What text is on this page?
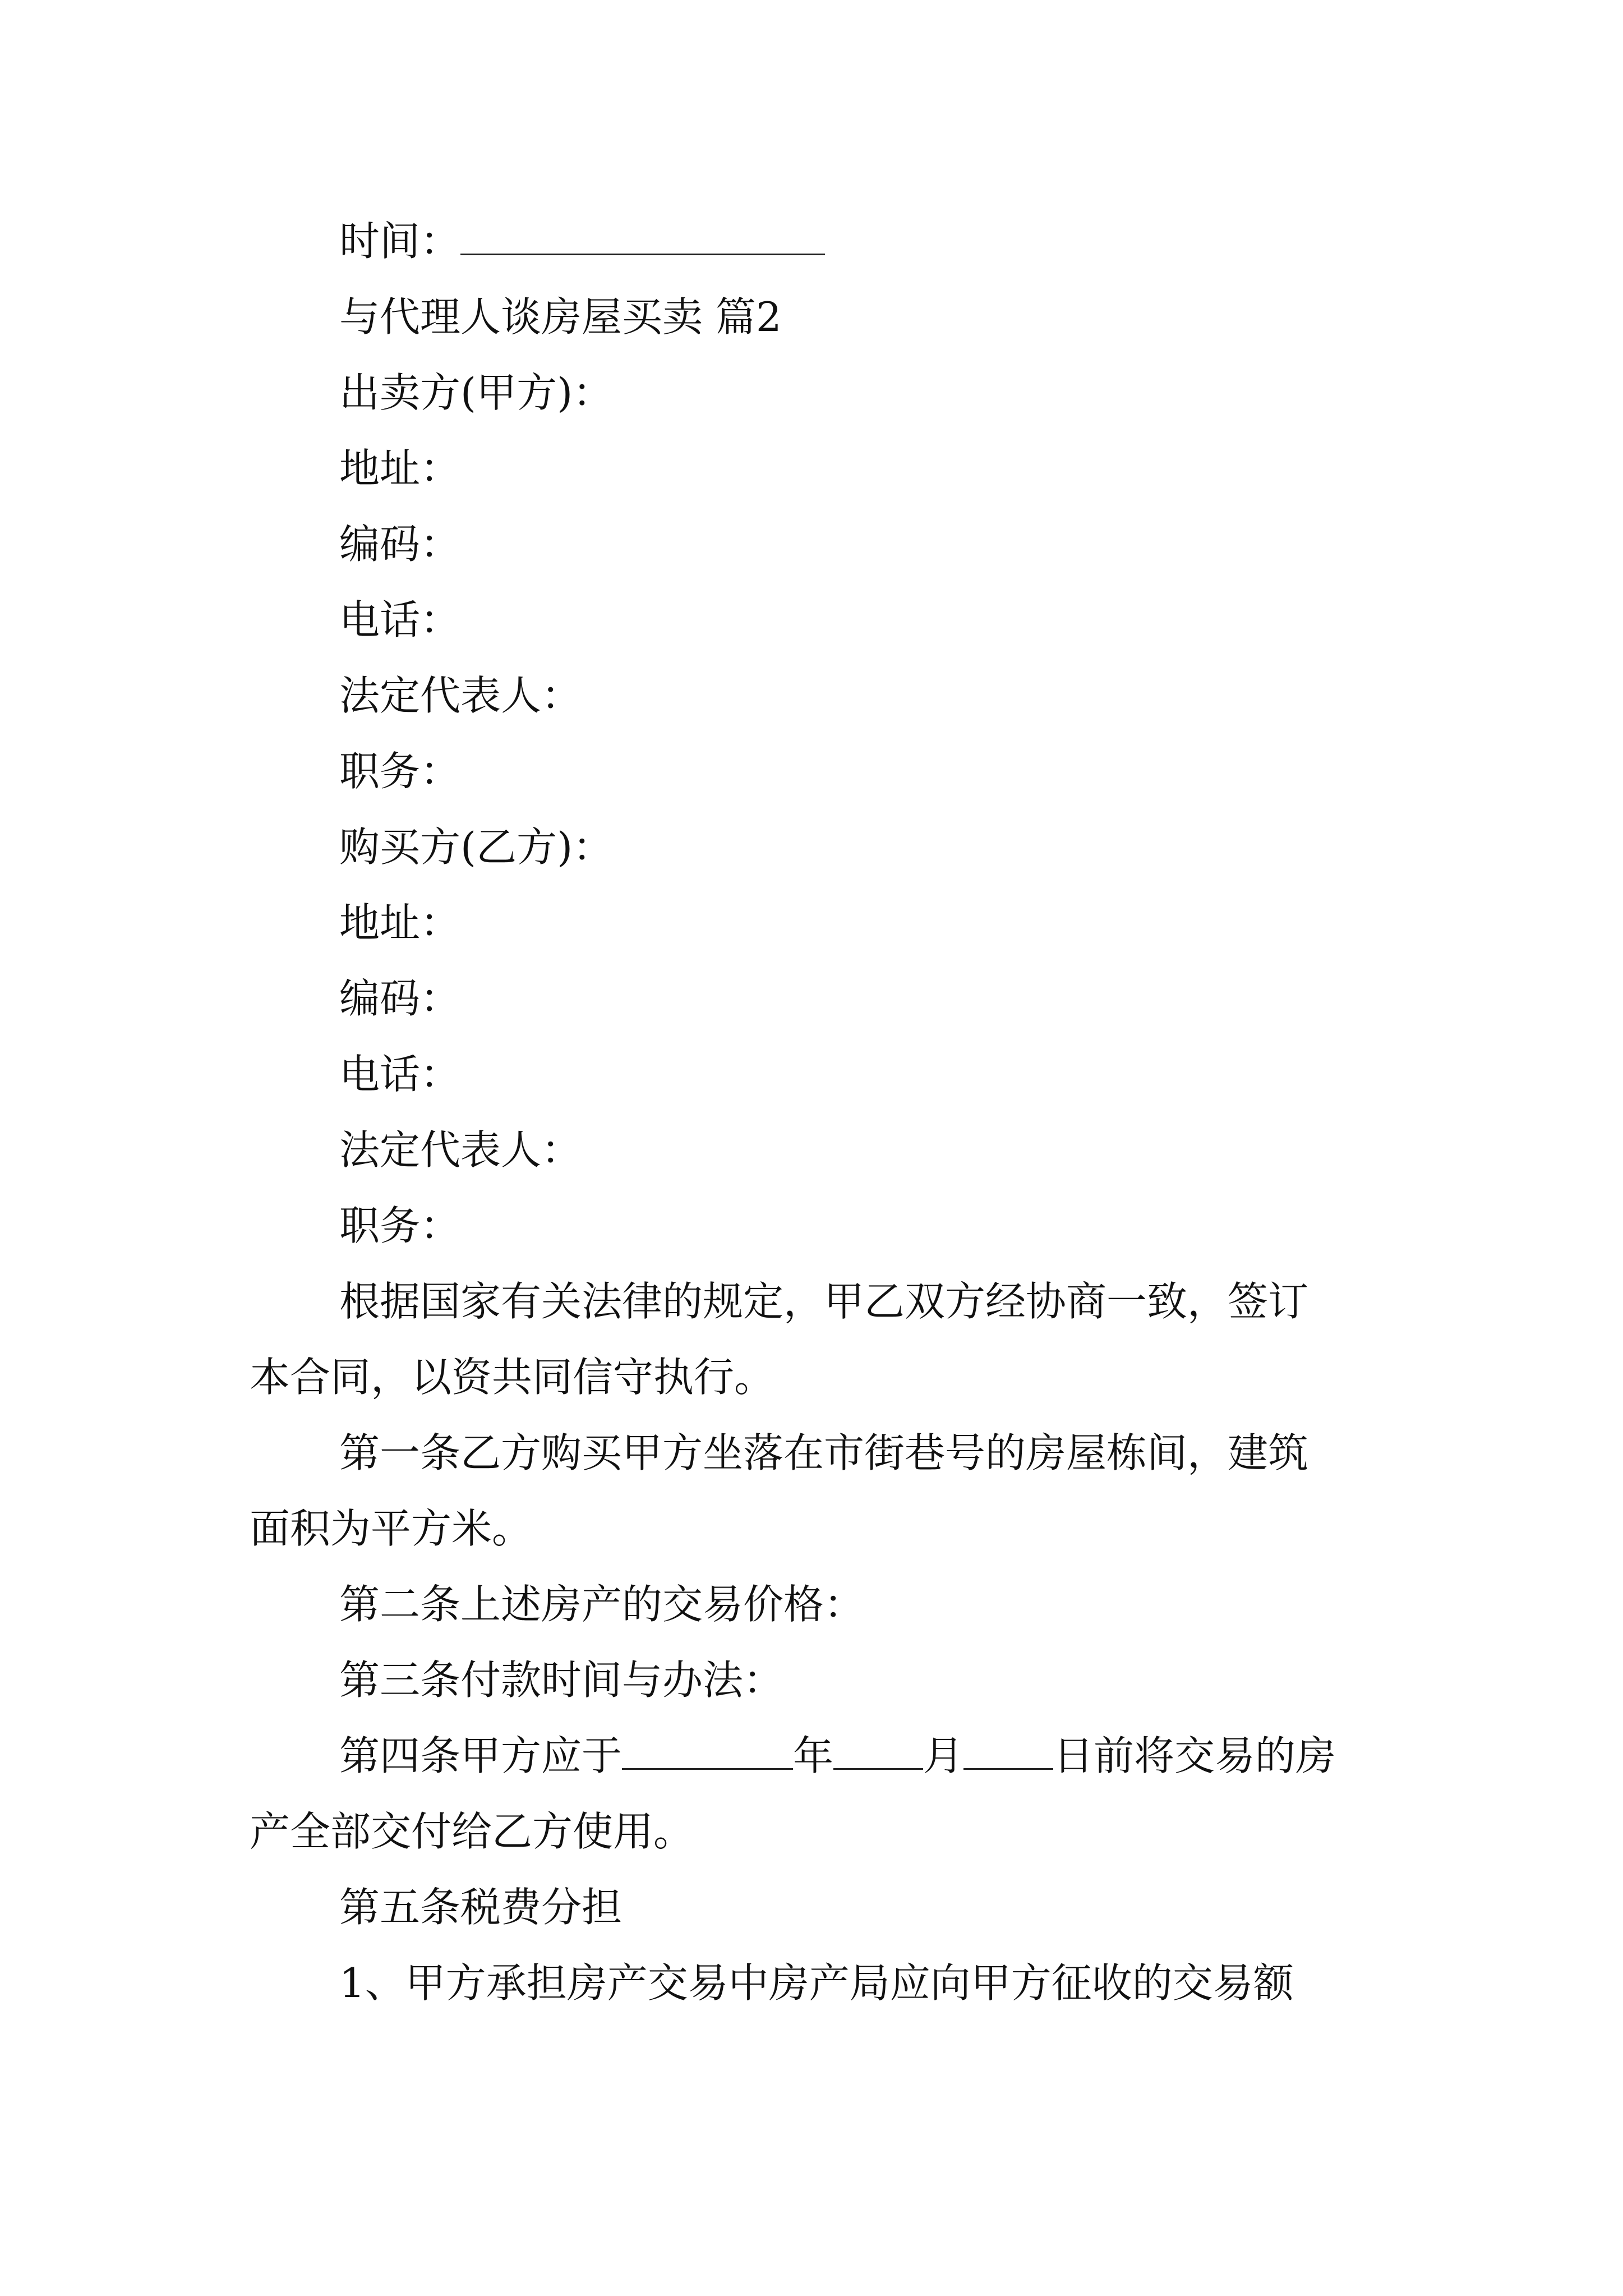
时间：
与代理人谈房屋买卖 篇2
出卖方(甲方)：
地址：
编码：
电话：
法定代表人：
职务：
购买方(乙方)：
地址：
编码：
电话：
法定代表人：
职务：
根据国家有关法律的规定，甲乙双方经协商一致，签订
本合同，以资共同信守执行。
第一条乙方购买甲方坐落在市街巷号的房屋栋间，建筑
面积为平方米。
第二条上述房产的交易价格：
第三条付款时间与办法：
第四条甲方应于	年 月 日前将交易的房
产全部交付给乙方使用。
第五条税费分担
1、甲方承担房产交易中房产局应向甲方征收的交易额
